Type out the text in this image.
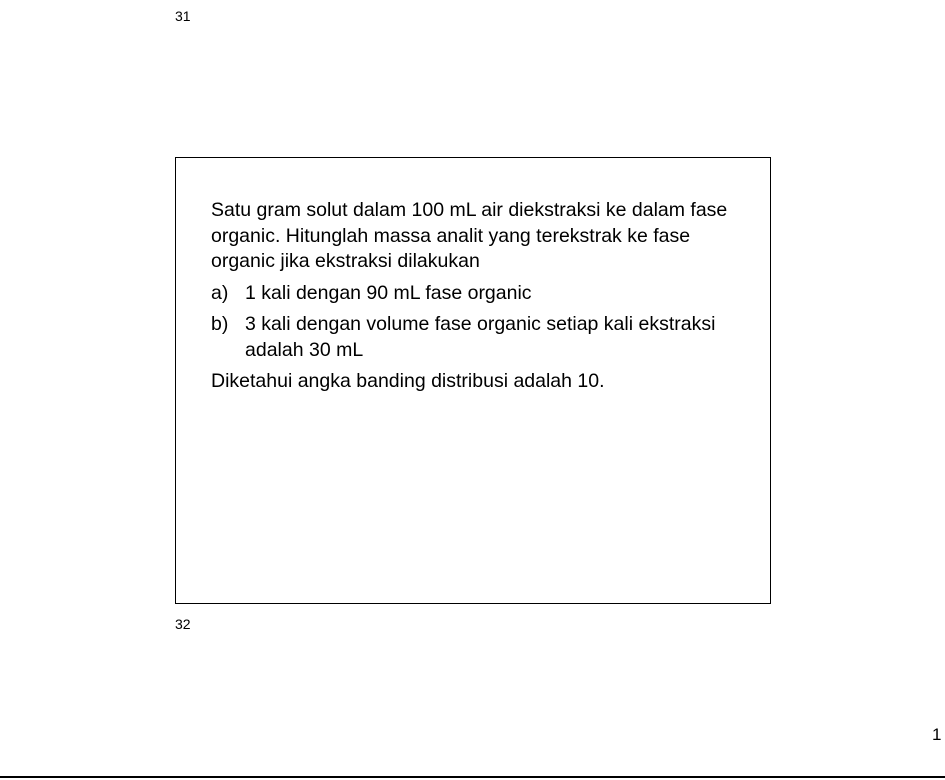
31

Satu gram solut dalam 100 mL air diekstraksi ke dalam fase organic. Hitunglah massa analit yang terekstrak ke fase organic jika ekstraksi dilakukan

a) 1 kali dengan 90 mL fase organic
b) 3 kali dengan volume fase organic setiap kali ekstraksi adalah 30 mL

Diketahui angka banding distribusi adalah 10.

32
1
